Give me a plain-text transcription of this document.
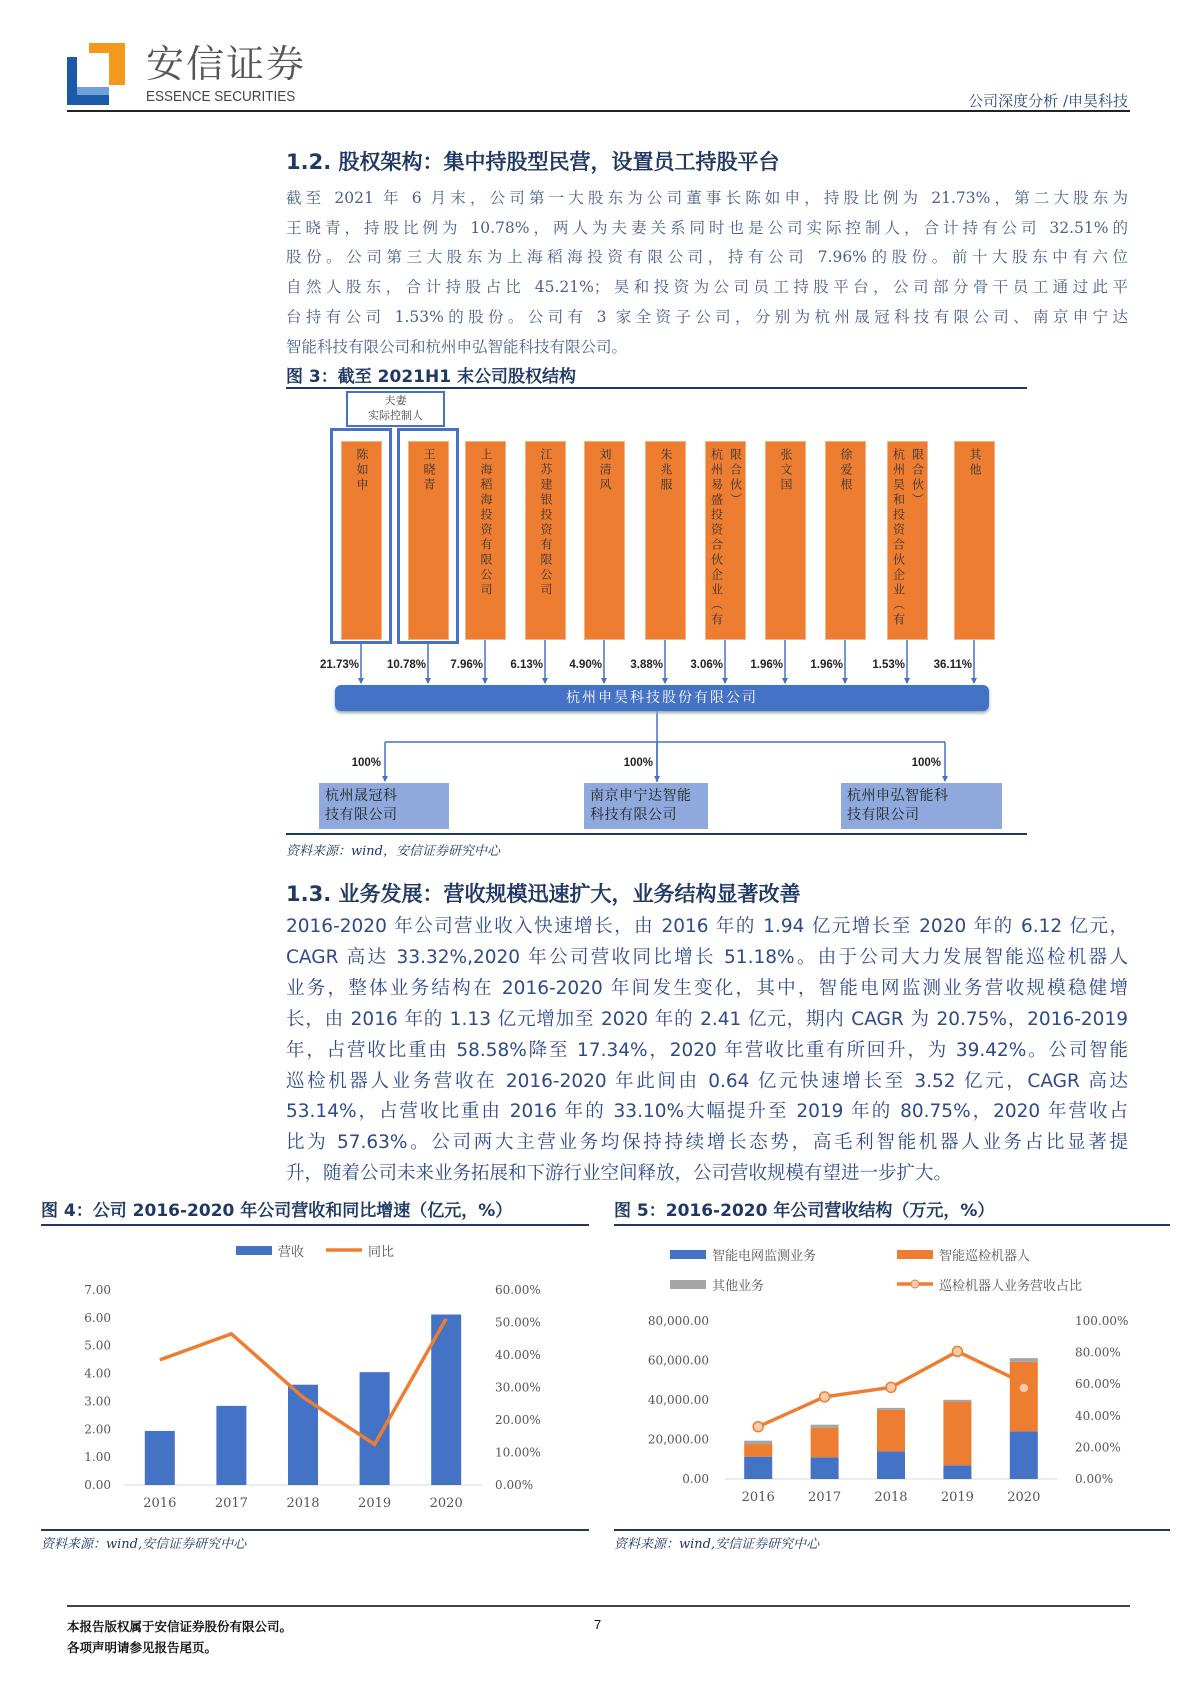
安信证券
ESSENCE SECURITIES	公司深度分析 /申昊科技
1.2. 股权架构：集中持股型民营，设置员工持股平台
截至 2021 年 6 月末，公司第一大股东为公司董事长陈如申，持股比例为 21.73%，第二大股东为
王晓青，持股比例为 10.78%，两人为夫妻关系同时也是公司实际控制人，合计持有公司 32.51%的
股份。公司第三大股东为上海稻海投资有限公司，持有公司 7.96%的股份。前十大股东中有六位
自然人股东，合计持股占比 45.21%；昊和投资为公司员工持股平台，公司部分骨干员工通过此平
台持有公司 1.53%的股份。公司有 3 家全资子公司，分别为杭州晟冠科技有限公司、南京申宁达
智能科技有限公司和杭州申弘智能科技有限公司。
图 3：截至 2021H1 末公司股权结构
夫妻
实际控制人
杭州申昊科技股份有限公司
陈如申
21.73%
王晓青
10.78%
上海稻海投资有限公司
7.96%
江苏建银投资有限公司
6.13%
刘清风
4.90%
朱兆服
3.88%
杭州易盛投资合伙企业（有限合伙）
3.06%
张文国
1.96%
徐爱根
1.96%
杭州昊和投资合伙企业（有限合伙）
1.53%
其他
36.11%
100%
杭州晟冠科
技有限公司
100%
南京申宁达智能
科技有限公司
100%
杭州申弘智能科
技有限公司
资料来源：wind，安信证券研究中心
1.3. 业务发展：营收规模迅速扩大，业务结构显著改善
2016-2020 年公司营业收入快速增长，由 2016 年的 1.94 亿元增长至 2020 年的 6.12 亿元，
CAGR 高达 33.32%,2020 年公司营收同比增长 51.18%。由于公司大力发展智能巡检机器人
业务，整体业务结构在 2016-2020 年间发生变化，其中，智能电网监测业务营收规模稳健增
长，由 2016 年的 1.13 亿元增加至 2020 年的 2.41 亿元，期内 CAGR 为 20.75%，2016-2019
年，占营收比重由 58.58%降至 17.34%，2020 年营收比重有所回升，为 39.42%。公司智能
巡检机器人业务营收在 2016-2020 年此间由 0.64 亿元快速增长至 3.52 亿元，CAGR 高达
53.14%，占营收比重由 2016 年的 33.10%大幅提升至 2019 年的 80.75%，2020 年营收占
比为 57.63%。公司两大主营业务均保持持续增长态势，高毛利智能机器人业务占比显著提
升，随着公司未来业务拓展和下游行业空间释放，公司营收规模有望进一步扩大。
图 4：公司 2016-2020 年公司营收和同比增速（亿元，%）	图 5：2016-2020 年公司营收结构（万元，%）
0.00
1.00
2.00
3.00
4.00
5.00
6.00
7.00
0.00%
10.00%
20.00%
30.00%
40.00%
50.00%
60.00%
2016	2017	2018	2019	2020
营收	同比
0.00
20,000.00
40,000.00
60,000.00
80,000.00
0.00%
20.00%
40.00%
60.00%
80.00%
100.00%
2016	2017	2018	2019	2020
智能电网监测业务	智能巡检机器人
其他业务	巡检机器人业务营收占比
资料来源：wind,安信证券研究中心	资料来源：wind,安信证券研究中心
本报告版权属于安信证券股份有限公司。
各项声明请参见报告尾页。
7
